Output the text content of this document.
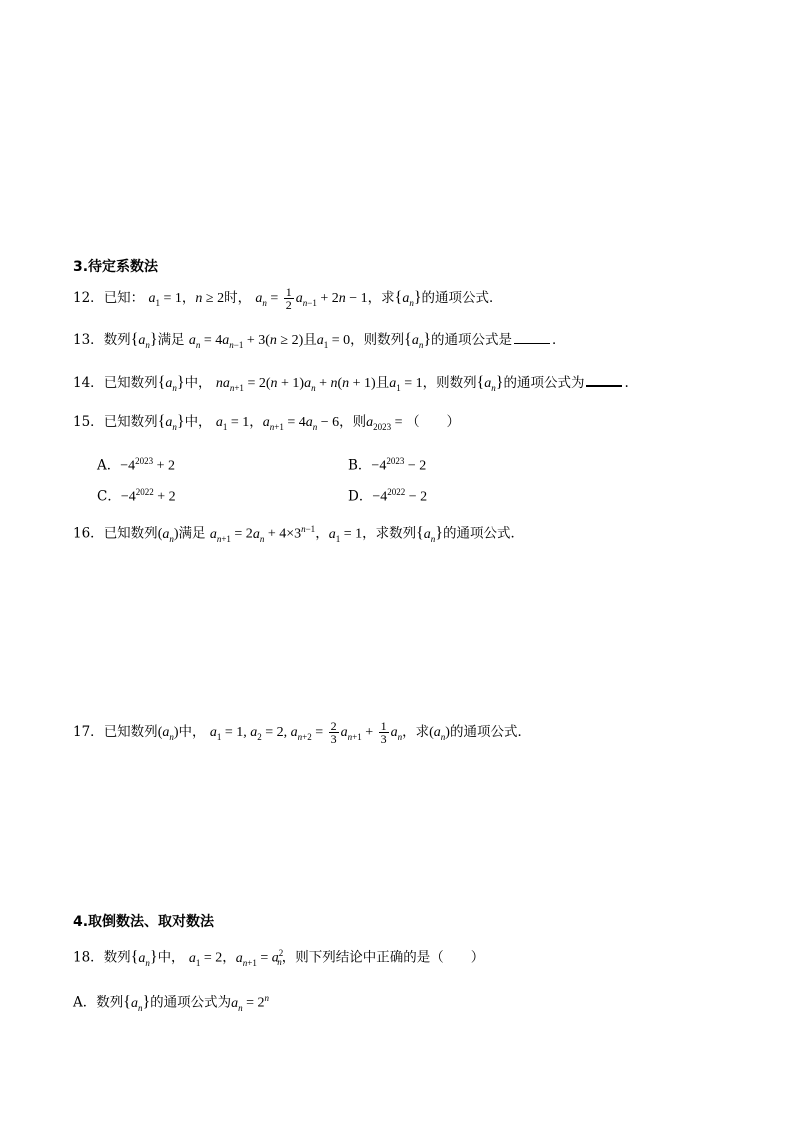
3.待定系数法
12．已知： $a_1 = 1$，n ≥ 2时， $a_n = \frac{1}{2} a_{n-1} + 2n - 1$，求$\{a_n\}$的通项公式．
13．数列$\{a_n\}$满足 $a_n = 4a_{n-1} + 3(n \ge 2)$且$a_1 = 0$，则数列$\{a_n\}$的通项公式是	．
14．已知数列$\{a_n\}$中， $na_{n+1} = 2(n + 1)a_n + n(n + 1)$且$a_1 = 1$，则数列$\{a_n\}$的通项公式为	.
15．已知数列$\{a_n\}$中， $a_1 = 1$，$a_{n+1} = 4a_n - 6$，则$a_{2023}$ = （　　）
A．$-4^{2023} + 2$	B．$-4^{2023} - 2$
C．$-4^{2022} + 2$	D．$-4^{2022} - 2$
16．已知数列$(a_n)$满足 $a_{n+1} = 2a_n + 4\times 3^{n-1}$，$a_1 = 1$，求数列$\{a_n\}$的通项公式．
17．已知数列$(a_n)$中， $a_1 = 1$, $a_2 = 2$, $a_{n+2} = \frac{2}{3} a_{n+1} + \frac{1}{3} a_n$，求$(a_n)$的通项公式．
4.取倒数法、取对数法
18．数列$\{a_n\}$中， $a_1 = 2$，$a_{n+1} = a^2_n$，则下列结论中正确的是（　　）
A．数列$\{a_n\}$的通项公式为$a_n = 2^n$
